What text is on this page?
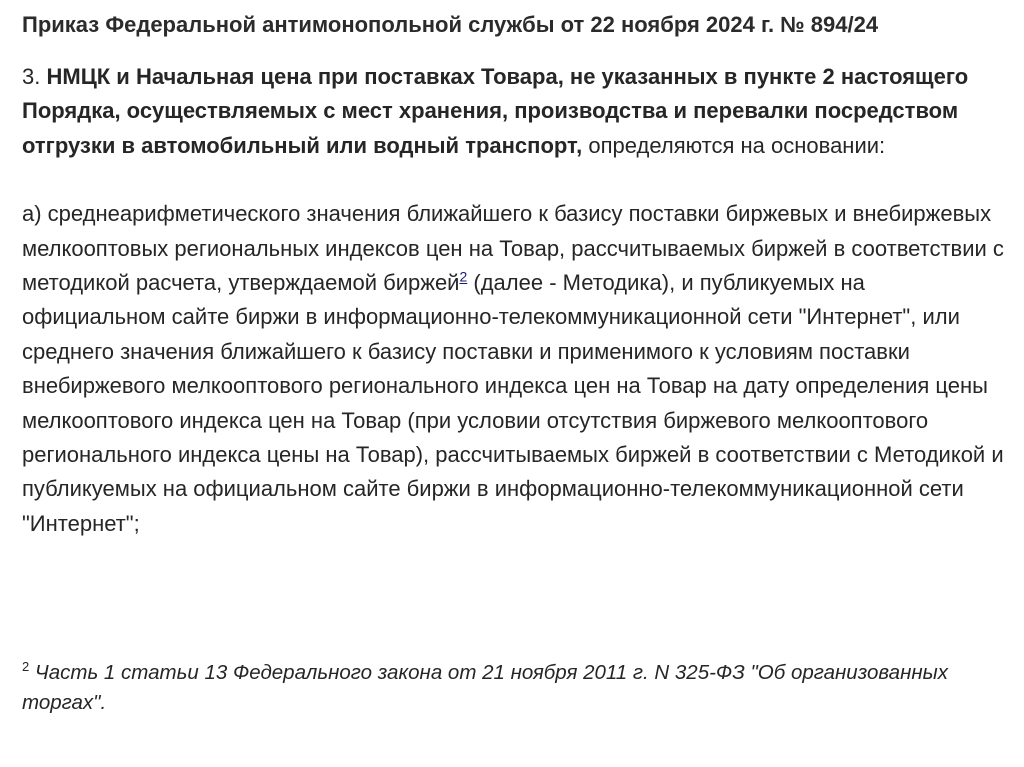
Приказ Федеральной антимонопольной службы от 22 ноября 2024 г. № 894/24

3. НМЦК и Начальная цена при поставках Товара, не указанных в пункте 2 настоящего Порядка, осуществляемых с мест хранения, производства и перевалки посредством отгрузки в автомобильный или водный транспорт, определяются на основании:

а) среднеарифметического значения ближайшего к базису поставки биржевых и внебиржевых мелкооптовых региональных индексов цен на Товар, рассчитываемых биржей в соответствии с методикой расчета, утверждаемой биржей$^2$ (далее - Методика), и публикуемых на официальном сайте биржи в информационно-телекоммуникационной сети "Интернет", или среднего значения ближайшего к базису поставки и применимого к условиям поставки внебиржевого мелкооптового регионального индекса цен на Товар на дату определения цены мелкооптового индекса цен на Товар (при условии отсутствия биржевого мелкооптового регионального индекса цены на Товар), рассчитываемых биржей в соответствии с Методикой и публикуемых на официальном сайте биржи в информационно-телекоммуникационной сети "Интернет";

$^2$ Часть 1 статьи 13 Федерального закона от 21 ноября 2011 г. N 325-ФЗ "Об организованных торгах".
